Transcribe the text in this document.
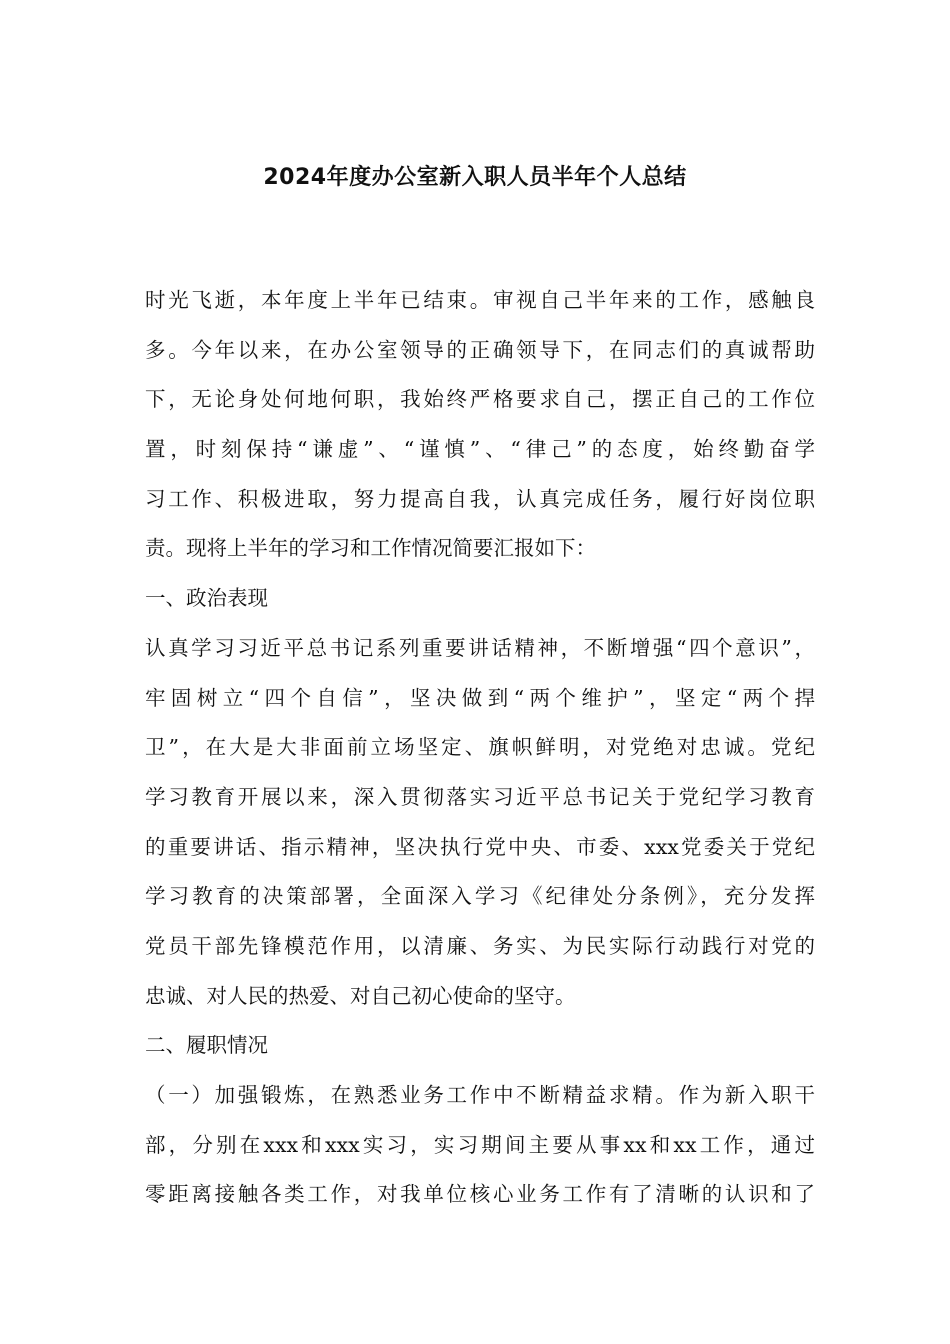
2024年度办公室新入职人员半年个人总结
时光飞逝，本年度上半年已结束。审视自己半年来的工作，感触良
多。今年以来，在办公室领导的正确领导下，在同志们的真诚帮助
下，无论身处何地何职，我始终严格要求自己，摆正自己的工作位
置，时刻保持“谦虚”、“谨慎”、“律己”的态度，始终勤奋学
习工作、积极进取，努力提高自我，认真完成任务，履行好岗位职
责。现将上半年的学习和工作情况简要汇报如下：
一、政治表现
认真学习习近平总书记系列重要讲话精神，不断增强“四个意识”，
牢固树立“四个自信”，坚决做到“两个维护”，坚定“两个捍
卫”，在大是大非面前立场坚定、旗帜鲜明，对党绝对忠诚。党纪
学习教育开展以来，深入贯彻落实习近平总书记关于党纪学习教育
的重要讲话、指示精神，坚决执行党中央、市委、xxx党委关于党纪
学习教育的决策部署，全面深入学习《纪律处分条例》，充分发挥
党员干部先锋模范作用，以清廉、务实、为民实际行动践行对党的
忠诚、对人民的热爱、对自己初心使命的坚守。
二、履职情况
（一）加强锻炼，在熟悉业务工作中不断精益求精。作为新入职干
部，分别在xxx和xxx实习，实习期间主要从事xx和xx工作，通过
零距离接触各类工作，对我单位核心业务工作有了清晰的认识和了
